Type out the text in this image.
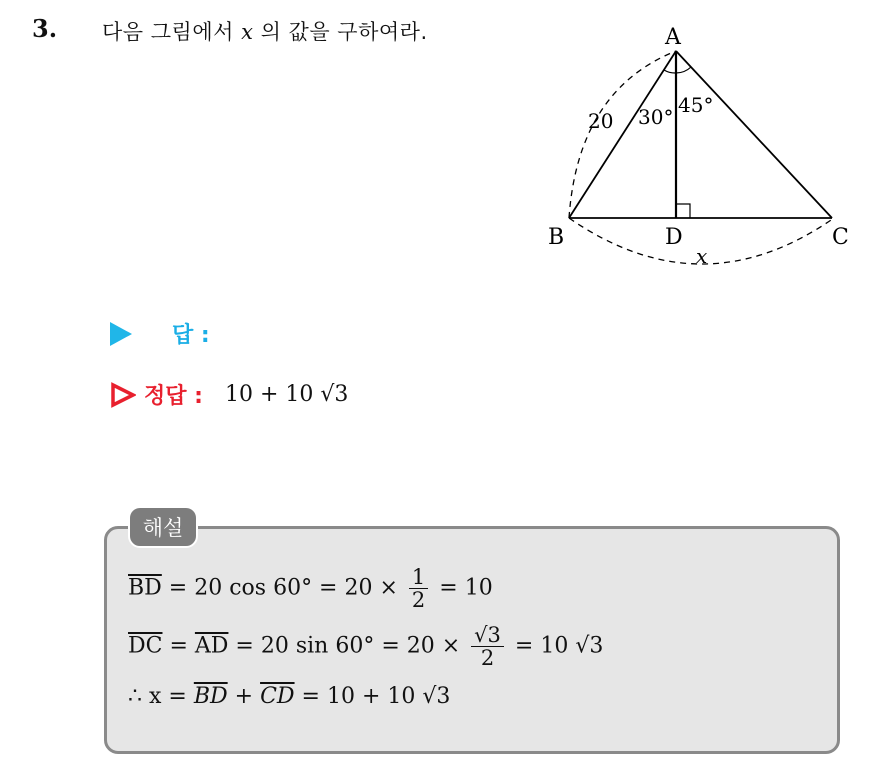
3. 다음 그림에서 x 의 값을 구하여라.	A
B	C
D
20 30° 45°
x
답 :
정답 : 10 + 10 √3
해설
$\overline{BD} = 20$ $\cos 60^\circ = 20 \times \frac{1}{2} = 10$
$\overline{DC} = \overline{AD} = 20$ $\sin 60^\circ = 20 \times \frac{√3}{2} = 10$ √3
∴ $x = \overline{BD} + \overline{CD} = 10 + 10$ √3
